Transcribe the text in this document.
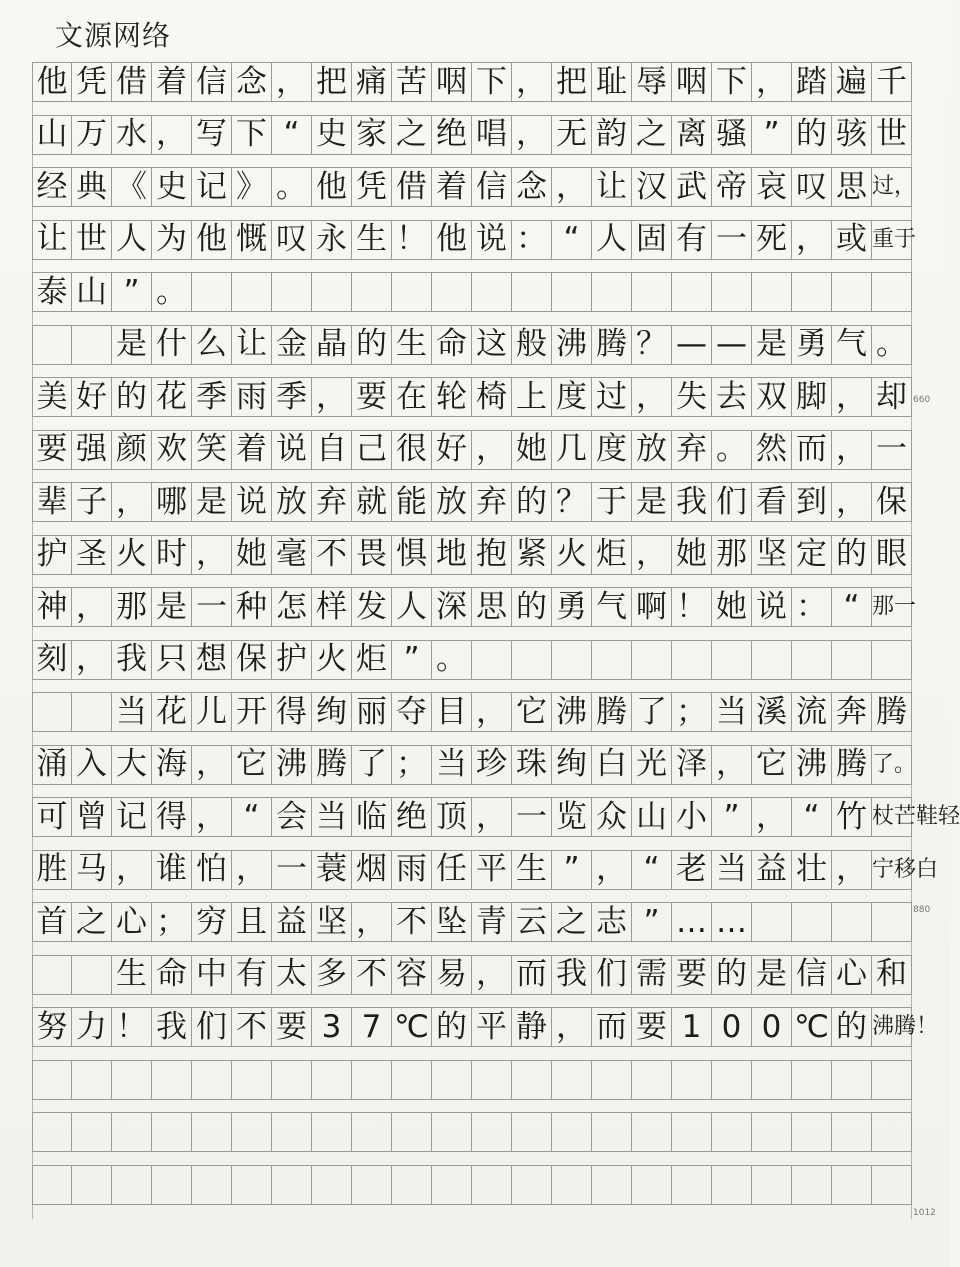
文源网络
他 凭 借 着 信 念 ， 把 痛 苦 咽 下 ， 把 耻 辱 咽 下 ， 踏 遍 千
山 万 水 ， 写 下 “ 史 家 之 绝 唱 ， 无 韵 之 离 骚 ” 的 骇 世
经 典 《 史 记 》 。 他 凭 借 着 信 念 ， 让 汉 武 帝 哀 叹 思 过，
让 世 人 为 他 慨 叹 永 生 ！ 他 说 ： “ 人 固 有 一 死 ， 或 重于
泰 山 ” 。
是 什 么 让 金 晶 的 生 命 这 般 沸 腾 ？ — — 是 勇 气 。
美 好 的 花 季 雨 季 ， 要 在 轮 椅 上 度 过 ， 失 去 双 脚 ， 却
要 强 颜 欢 笑 着 说 自 己 很 好 ， 她 几 度 放 弃 。 然 而 ， 一
辈 子 ， 哪 是 说 放 弃 就 能 放 弃 的 ？ 于 是 我 们 看 到 ， 保
护 圣 火 时 ， 她 毫 不 畏 惧 地 抱 紧 火 炬 ， 她 那 坚 定 的 眼
神 ， 那 是 一 种 怎 样 发 人 深 思 的 勇 气 啊 ！ 她 说 ： “ 那一
刻 ， 我 只 想 保 护 火 炬 ” 。
当 花 儿 开 得 绚 丽 夺 目 ， 它 沸 腾 了 ； 当 溪 流 奔 腾
涌 入 大 海 ， 它 沸 腾 了 ； 当 珍 珠 绚 白 光 泽 ， 它 沸 腾 了。
可 曾 记 得 ， “ 会 当 临 绝 顶 ， 一 览 众 山 小 ” ， “ 竹 杖芒鞋轻
胜 马 ， 谁 怕 ， 一 蓑 烟 雨 任 平 生 ” ， “ 老 当 益 壮 ， 宁移白
首 之 心 ； 穷 且 益 坚 ， 不 坠 青 云 之 志 ” … …
生 命 中 有 太 多 不 容 易 ， 而 我 们 需 要 的 是 信 心 和
努 力 ！ 我 们 不 要 3 7 ℃ 的 平 静 ， 而 要 1 0 0 ℃ 的 沸腾！
660
880
1012
